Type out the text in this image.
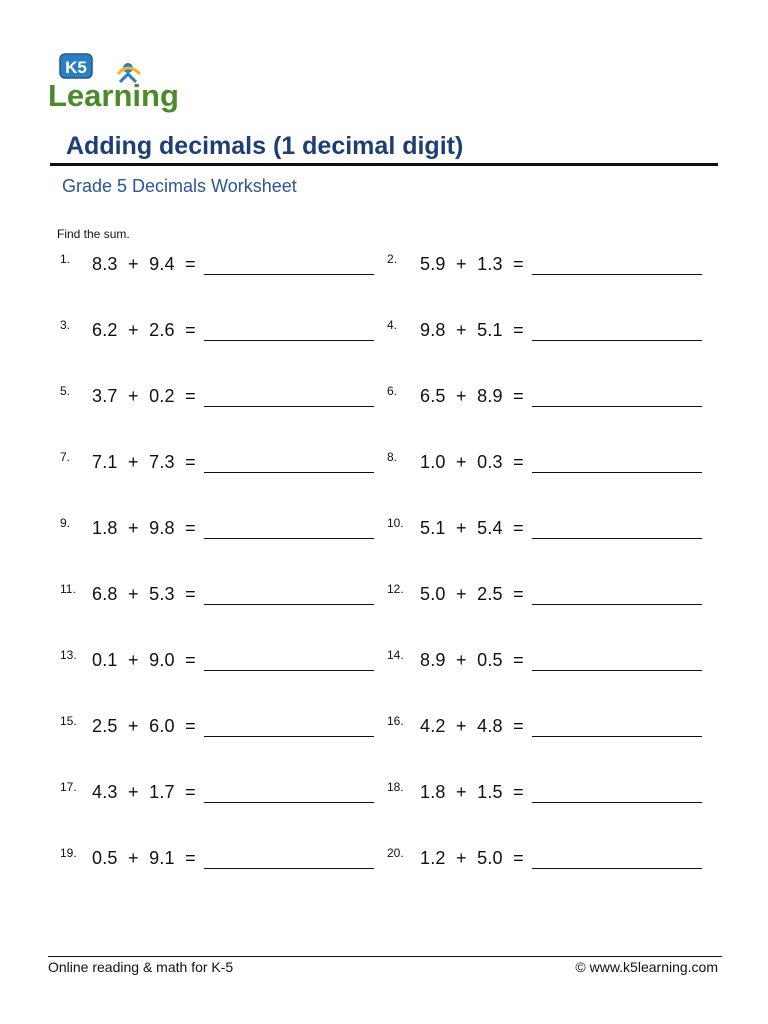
K5
Learning
Adding decimals (1 decimal digit)
Grade 5 Decimals Worksheet
Find the sum.
1. 8.3  +  9.4  =	2. 5.9  +  1.3  =
3. 6.2  +  2.6  =	4. 9.8  +  5.1  =
5. 3.7  +  0.2  =	6. 6.5  +  8.9  =
7. 7.1  +  7.3  =	8. 1.0  +  0.3  =
9. 1.8  +  9.8  =	10. 5.1  +  5.4  =
11. 6.8  +  5.3  =	12. 5.0  +  2.5  =
13. 0.1  +  9.0  =	14. 8.9  +  0.5  =
15. 2.5  +  6.0  =	16. 4.2  +  4.8  =
17. 4.3  +  1.7  =	18. 1.8  +  1.5  =
19. 0.5  +  9.1  =	20. 1.2  +  5.0  =
Online reading & math for K-5	© www.k5learning.com
